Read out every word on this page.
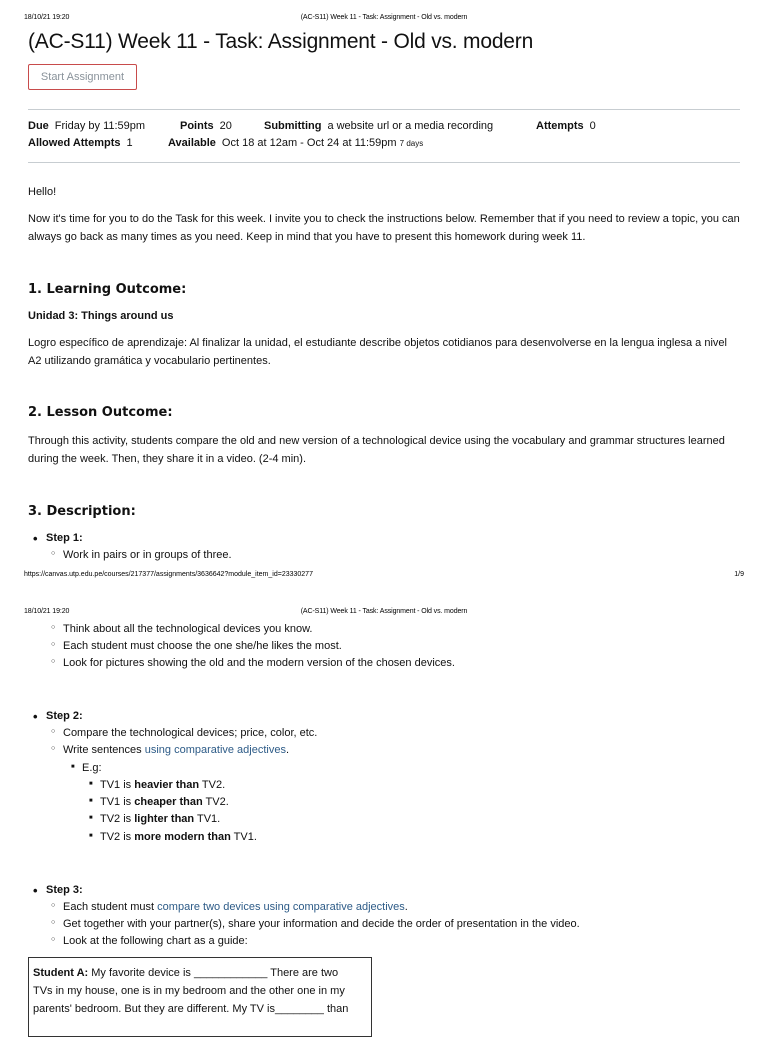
18/10/21 19:20	(AC-S11) Week 11 - Task: Assignment - Old vs. modern
(AC-S11) Week 11 - Task: Assignment - Old vs. modern
Start Assignment
Due Friday by 11:59pm	Points 20	Submitting a website url or a media recording	Attempts 0
Allowed Attempts 1	Available Oct 18 at 12am - Oct 24 at 11:59pm 7 days
Hello!
Now it's time for you to do the Task for this week. I invite you to check the instructions below. Remember that if you need to review a topic, you can always go back as many times as you need. Keep in mind that you have to present this homework during week 11.
1. Learning Outcome:
Unidad 3: Things around us
Logro específico de aprendizaje: Al finalizar la unidad, el estudiante describe objetos cotidianos para desenvolverse en la lengua inglesa a nivel A2 utilizando gramática y vocabulario pertinentes.
2. Lesson Outcome:
Through this activity, students compare the old and new version of a technological device using the vocabulary and grammar structures learned during the week. Then, they share it in a video. (2-4 min).
3. Description:
• Step 1:
○ Work in pairs or in groups of three.
https://canvas.utp.edu.pe/courses/217377/assignments/3636642?module_item_id=23330277	1/9
18/10/21 19:20	(AC-S11) Week 11 - Task: Assignment - Old vs. modern
○ Think about all the technological devices you know.
○ Each student must choose the one she/he likes the most.
○ Look for pictures showing the old and the modern version of the chosen devices.
• Step 2:
○ Compare the technological devices; price, color, etc.
○ Write sentences using comparative adjectives.
■ E.g:
■ TV1 is heavier than TV2.
■ TV1 is cheaper than TV2.
■ TV2 is lighter than TV1.
■ TV2 is more modern than TV1.
• Step 3:
○ Each student must compare two devices using comparative adjectives.
○ Get together with your partner(s), share your information and decide the order of presentation in the video.
○ Look at the following chart as a guide:
Student A: My favorite device is ____________ There are two
TVs in my house, one is in my bedroom and the other one in my
parents' bedroom. But they are different. My TV is________ than
